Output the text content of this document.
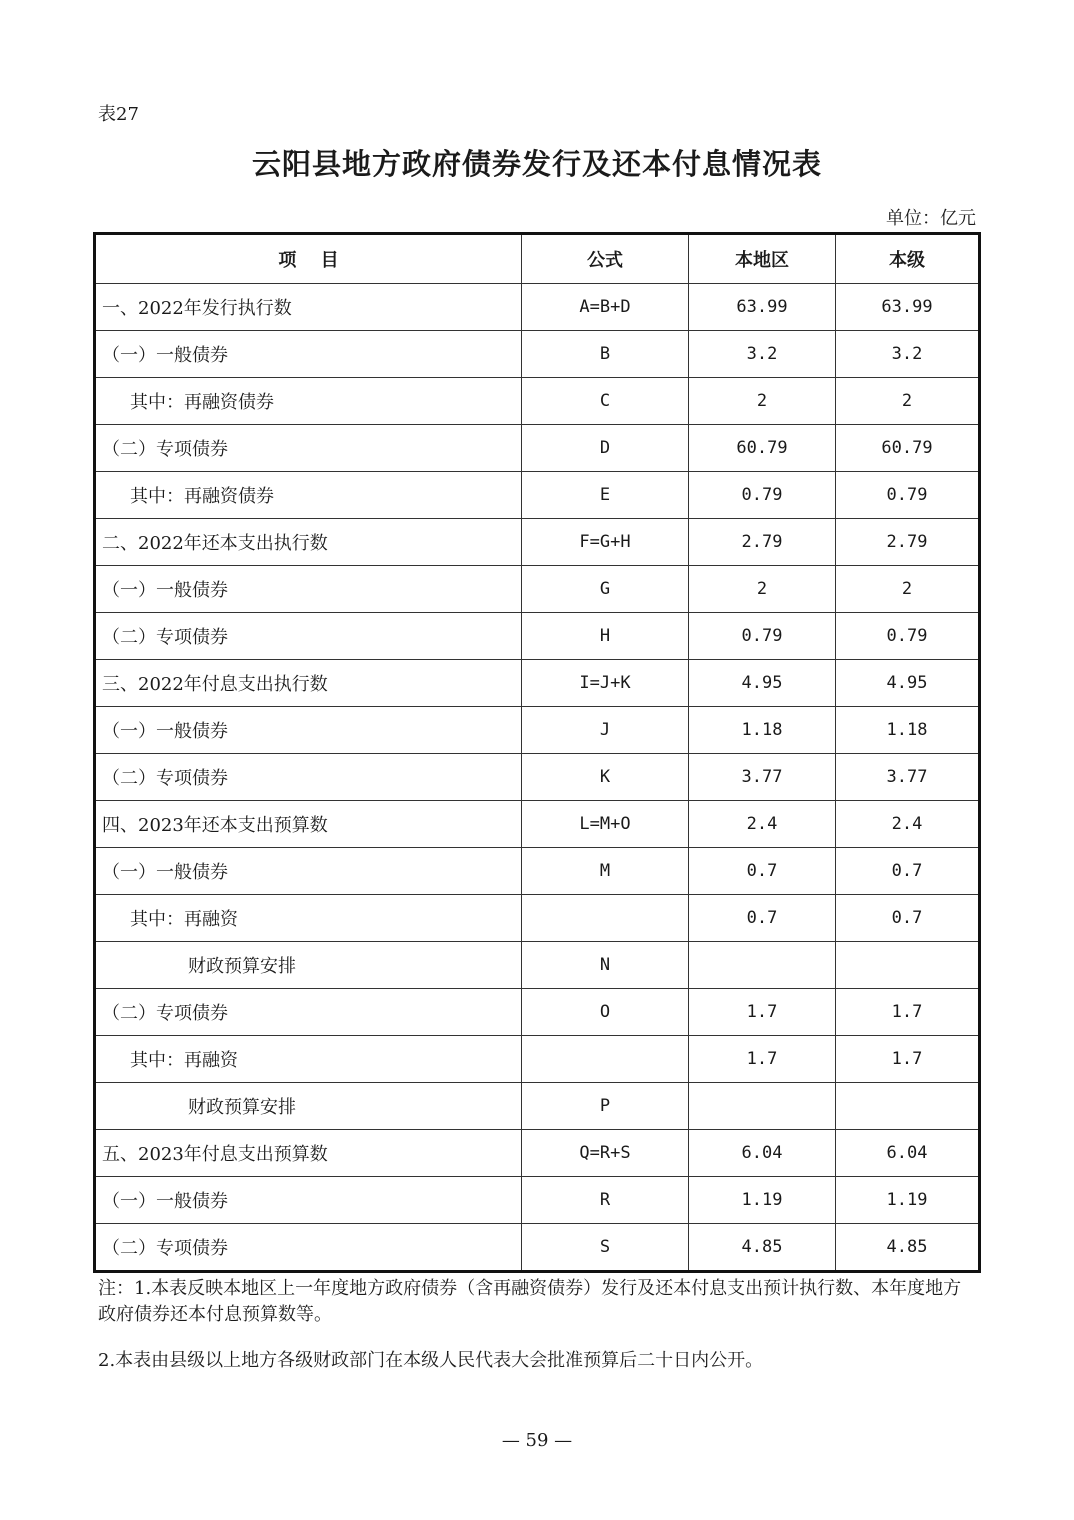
表27
云阳县地方政府债券发行及还本付息情况表
单位：亿元
项　 目	公式	本地区	本级
一、2022年发行执行数	A=B+D	63.99	63.99
（一）一般债券	B	3.2	3.2
其中：再融资债券	C	2	2
（二）专项债券	D	60.79	60.79
其中：再融资债券	E	0.79	0.79
二、2022年还本支出执行数	F=G+H	2.79	2.79
（一）一般债券	G	2	2
（二）专项债券	H	0.79	0.79
三、2022年付息支出执行数	I=J+K	4.95	4.95
（一）一般债券	J	1.18	1.18
（二）专项债券	K	3.77	3.77
四、2023年还本支出预算数	L=M+O	2.4	2.4
（一）一般债券	M	0.7	0.7
其中：再融资		0.7	0.7
财政预算安排	N		
（二）专项债券	O	1.7	1.7
其中：再融资		1.7	1.7
财政预算安排	P		
五、2023年付息支出预算数	Q=R+S	6.04	6.04
（一）一般债券	R	1.19	1.19
（二）专项债券	S	4.85	4.85

注：1.本表反映本地区上一年度地方政府债券（含再融资债券）发行及还本付息支出预计执行数、本年度地方政府债券还本付息预算数等。

2.本表由县级以上地方各级财政部门在本级人民代表大会批准预算后二十日内公开。

— 59 —
